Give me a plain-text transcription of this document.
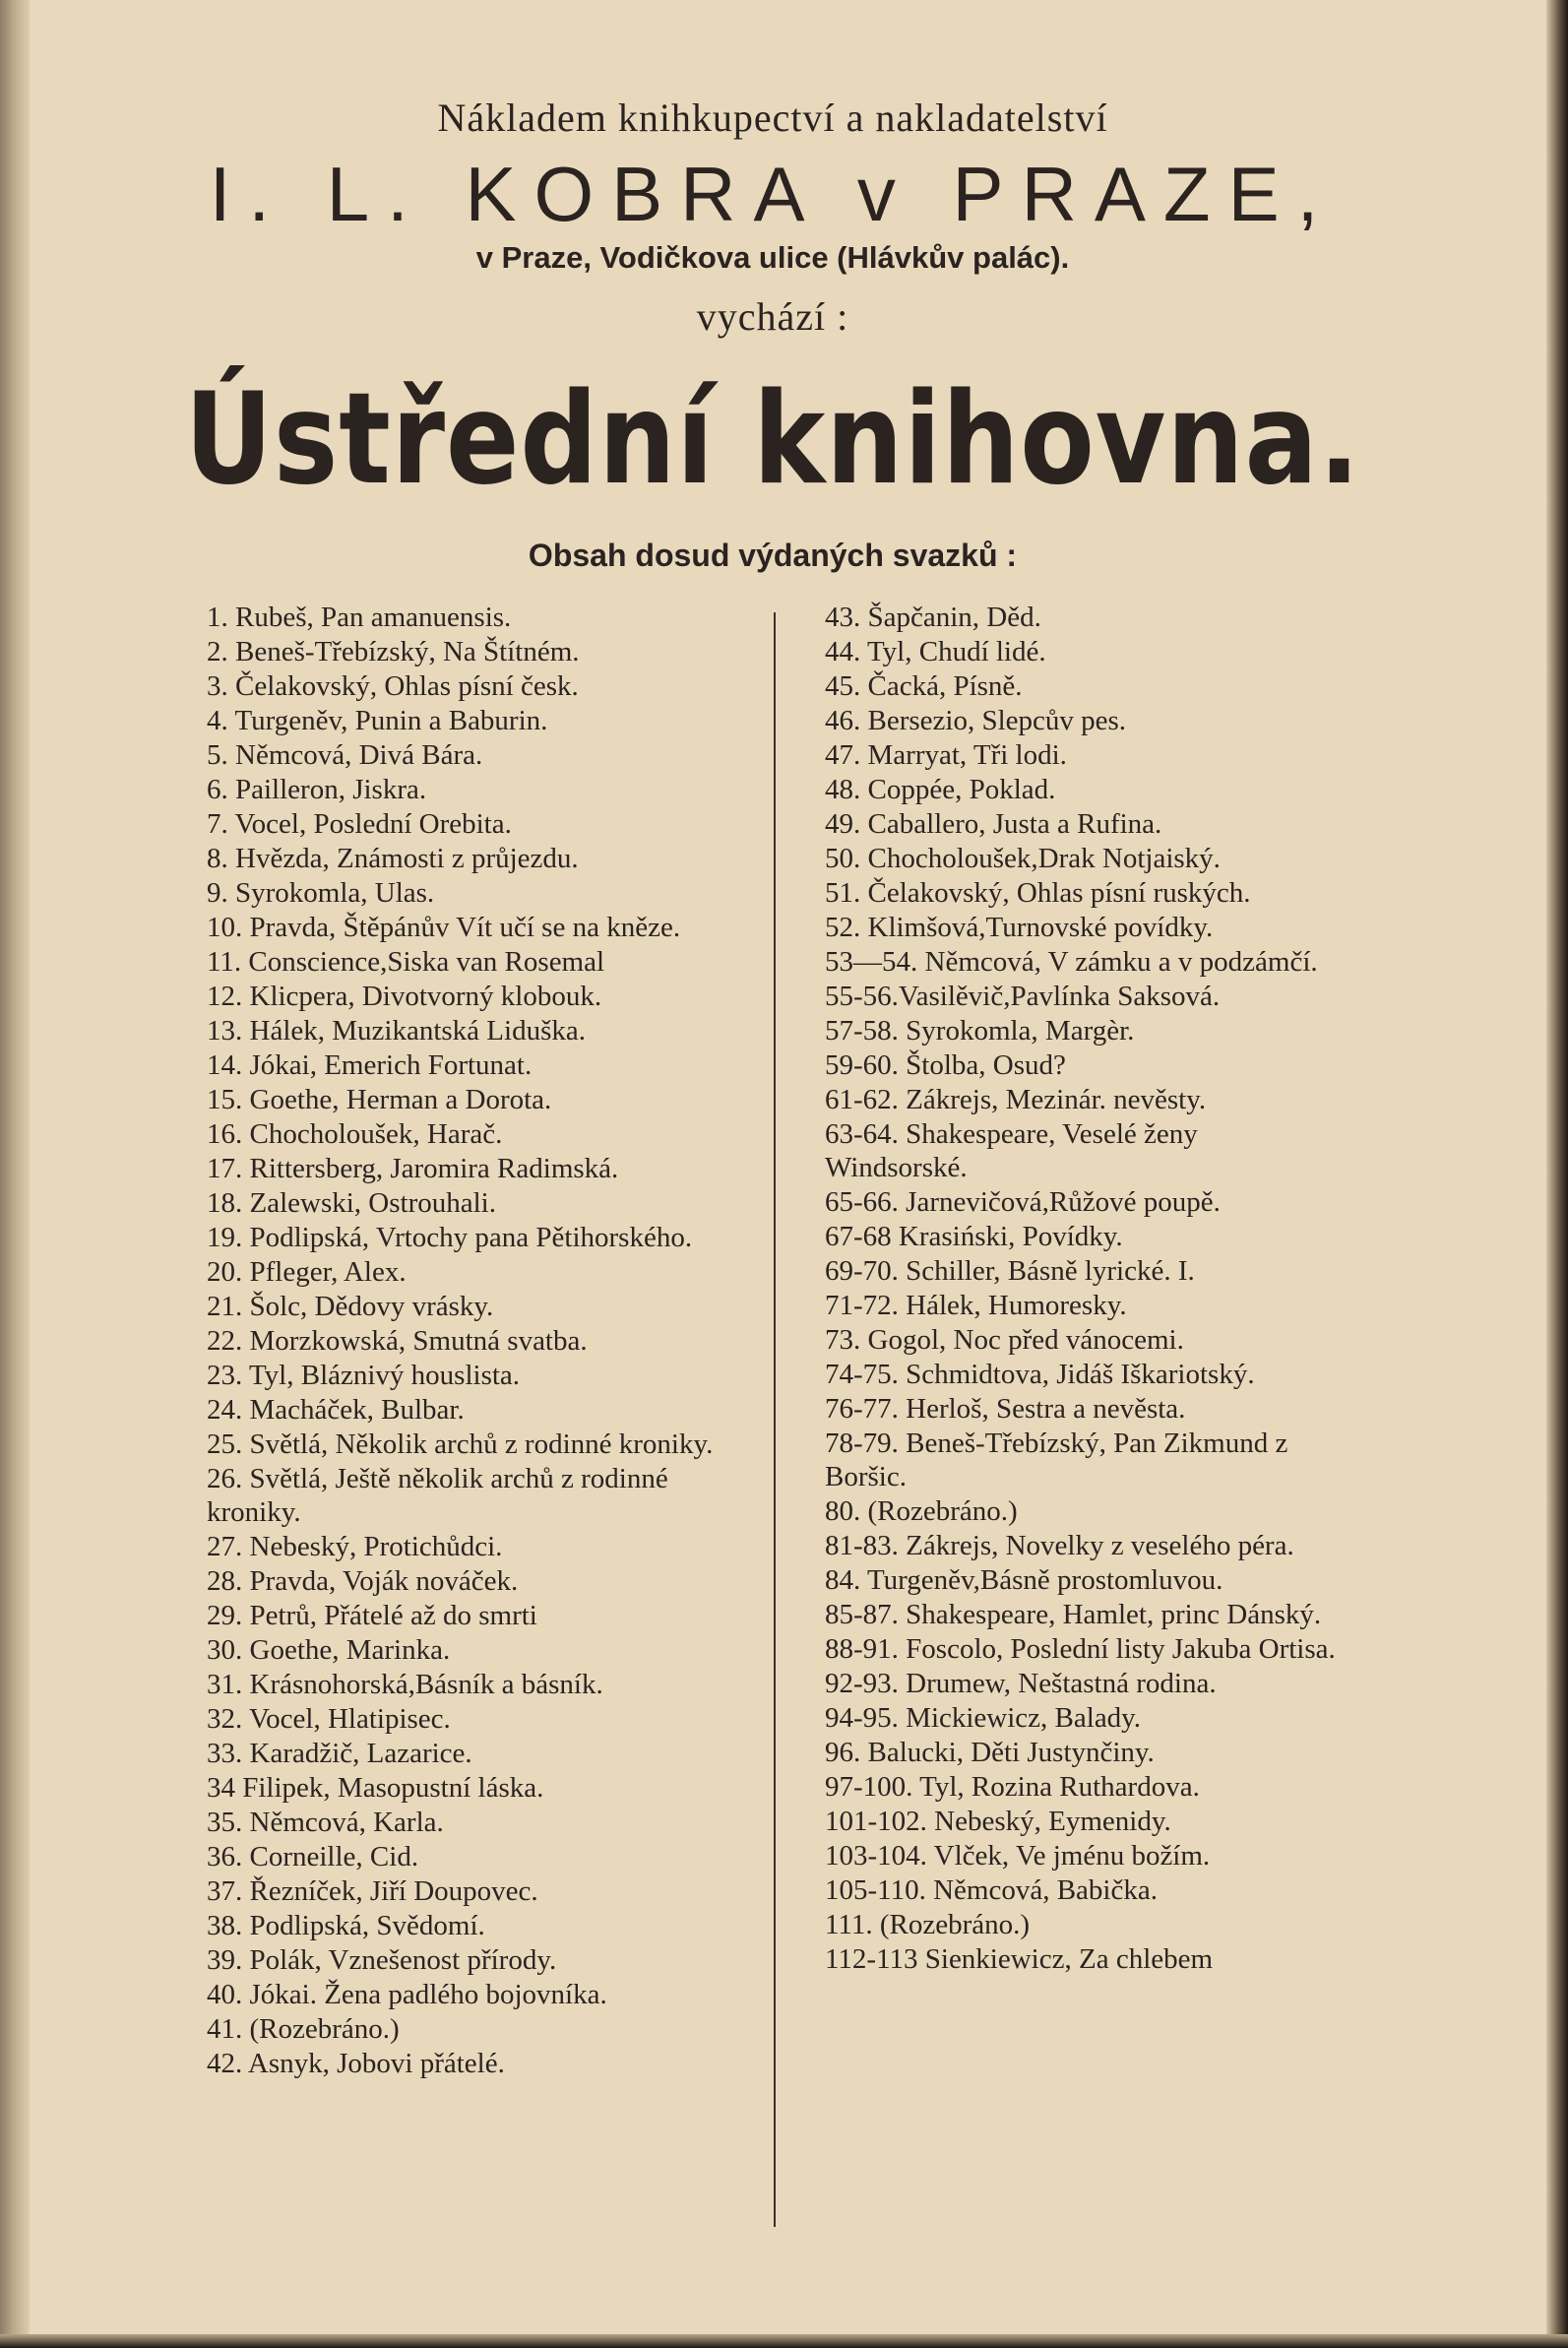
Nákladem knihkupectví a nakladatelství
I. L. KOBRA v PRAZE,
v Praze, Vodičkova ulice (Hlávkův palác).
vychází :
Ústřední knihovna.
Obsah dosud výdaných svazků :
1. Rubeš, Pan amanuensis.
2. Beneš-Třebízský, Na Štítném.
3. Čelakovský, Ohlas písní česk.
4. Turgeněv, Punin a Baburin.
5. Němcová, Divá Bára.
6. Pailleron, Jiskra.
7. Vocel, Poslední Orebita.
8. Hvězda, Známosti z průjezdu.
9. Syrokomla, Ulas.
10. Pravda, Štěpánův Vít učí se na kněze.
11. Conscience,Siska van Rosemal
12. Klicpera, Divotvorný klobouk.
13. Hálek, Muzikantská Liduška.
14. Jókai, Emerich Fortunat.
15. Goethe, Herman a Dorota.
16. Chocholoušek, Harač.
17. Rittersberg, Jaromira Radimská.
18. Zalewski, Ostrouhali.
19. Podlipská, Vrtochy pana Pětihorského.
20. Pfleger, Alex.
21. Šolc, Dědovy vrásky.
22. Morzkowská, Smutná svatba.
23. Tyl, Bláznivý houslista.
24. Macháček, Bulbar.
25. Světlá, Několik archů z rodinné kroniky.
26. Světlá, Ještě několik archů z rodinné kroniky.
27. Nebeský, Protichůdci.
28. Pravda, Voják nováček.
29. Petrů, Přátelé až do smrti
30. Goethe, Marinka.
31. Krásnohorská,Básník a básník.
32. Vocel, Hlatipisec.
33. Karadžič, Lazarice.
34 Filipek, Masopustní láska.
35. Němcová, Karla.
36. Corneille, Cid.
37. Řezníček, Jiří Doupovec.
38. Podlipská, Svědomí.
39. Polák, Vznešenost přírody.
40. Jókai. Žena padlého bojovníka.
41. (Rozebráno.)
42. Asnyk, Jobovi přátelé.
43. Šapčanin, Děd.
44. Tyl, Chudí lidé.
45. Čacká, Písně.
46. Bersezio, Slepcův pes.
47. Marryat, Tři lodi.
48. Coppée, Poklad.
49. Caballero, Justa a Rufina.
50. Chocholoušek,Drak Notjaiský.
51. Čelakovský, Ohlas písní ruských.
52. Klimšová,Turnovské povídky.
53—54. Němcová, V zámku a v podzámčí.
55-56.Vasilěvič,Pavlínka Saksová.
57-58. Syrokomla, Margèr.
59-60. Štolba, Osud?
61-62. Zákrejs, Mezinár. nevěsty.
63-64. Shakespeare, Veselé ženy Windsorské.
65-66. Jarnevičová,Růžové poupě.
67-68 Krasiński, Povídky.
69-70. Schiller, Básně lyrické. I.
71-72. Hálek, Humoresky.
73. Gogol, Noc před vánocemi.
74-75. Schmidtova, Jidáš Iškariotský.
76-77. Herloš, Sestra a nevěsta.
78-79. Beneš-Třebízský, Pan Zikmund z Boršic.
80. (Rozebráno.)
81-83. Zákrejs, Novelky z veselého péra.
84. Turgeněv,Básně prostomluvou.
85-87. Shakespeare, Hamlet, princ Dánský.
88-91. Foscolo, Poslední listy Jakuba Ortisa.
92-93. Drumew, Neštastná rodina.
94-95. Mickiewicz, Balady.
96. Balucki, Děti Justynčiny.
97-100. Tyl, Rozina Ruthardova.
101-102. Nebeský, Eymenidy.
103-104. Vlček, Ve jménu božím.
105-110. Němcová, Babička.
111. (Rozebráno.)
112-113 Sienkiewicz, Za chlebem
